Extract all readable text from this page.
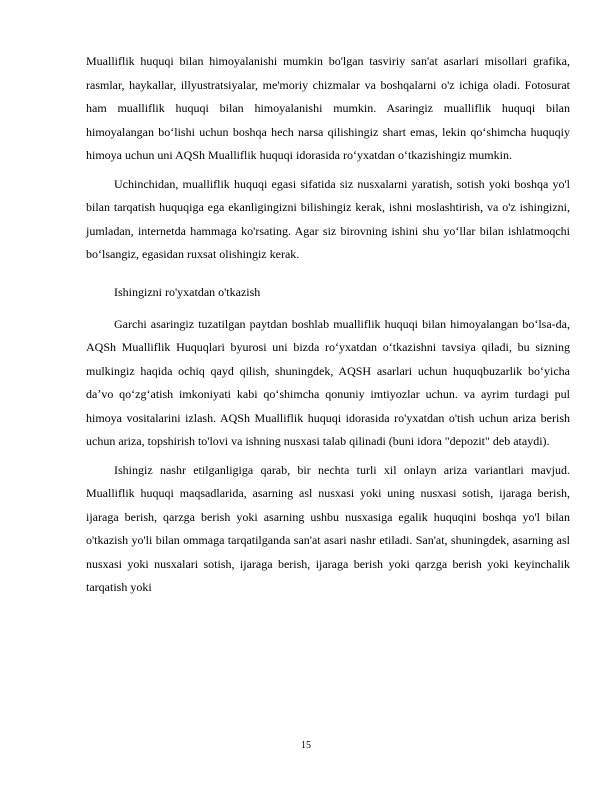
Mualliflik huquqi bilan himoyalanishi mumkin bo'lgan tasviriy san'at asarlari misollari grafika, rasmlar, haykallar, illyustratsiyalar, me'moriy chizmalar va boshqalarni o'z ichiga oladi. Fotosurat ham mualliflik huquqi bilan himoyalanishi mumkin. Asaringiz mualliflik huquqi bilan himoyalangan boʻlishi uchun boshqa hech narsa qilishingiz shart emas, lekin qoʻshimcha huquqiy himoya uchun uni AQSh Mualliflik huquqi idorasida roʻyxatdan oʻtkazishingiz mumkin.

Uchinchidan, mualliflik huquqi egasi sifatida siz nusxalarni yaratish, sotish yoki boshqa yo'l bilan tarqatish huquqiga ega ekanligingizni bilishingiz kerak, ishni moslashtirish, va o'z ishingizni, jumladan, internetda hammaga ko'rsating. Agar siz birovning ishini shu yo‘llar bilan ishlatmoqchi bo‘lsangiz, egasidan ruxsat olishingiz kerak.

Ishingizni ro'yxatdan o'tkazish

Garchi asaringiz tuzatilgan paytdan boshlab mualliflik huquqi bilan himoyalangan boʻlsa-da, AQSh Mualliflik Huquqlari byurosi uni bizda roʻyxatdan oʻtkazishni tavsiya qiladi, bu sizning mulkingiz haqida ochiq qayd qilish, shuningdek, AQSH asarlari uchun huquqbuzarlik boʻyicha daʼvo qoʻzgʻatish imkoniyati kabi qoʻshimcha qonuniy imtiyozlar uchun. va ayrim turdagi pul himoya vositalarini izlash. AQSh Mualliflik huquqi idorasida ro'yxatdan o'tish uchun ariza berish uchun ariza, topshirish to'lovi va ishning nusxasi talab qilinadi (buni idora "depozit" deb ataydi).

Ishingiz nashr etilganligiga qarab, bir nechta turli xil onlayn ariza variantlari mavjud. Mualliflik huquqi maqsadlarida, asarning asl nusxasi yoki uning nusxasi sotish, ijaraga berish, ijaraga berish, qarzga berish yoki asarning ushbu nusxasiga egalik huquqini boshqa yo'l bilan o'tkazish yo'li bilan ommaga tarqatilganda san'at asari nashr etiladi. San'at, shuningdek, asarning asl nusxasi yoki nusxalari sotish, ijaraga berish, ijaraga berish yoki qarzga berish yoki keyinchalik tarqatish yoki

15
